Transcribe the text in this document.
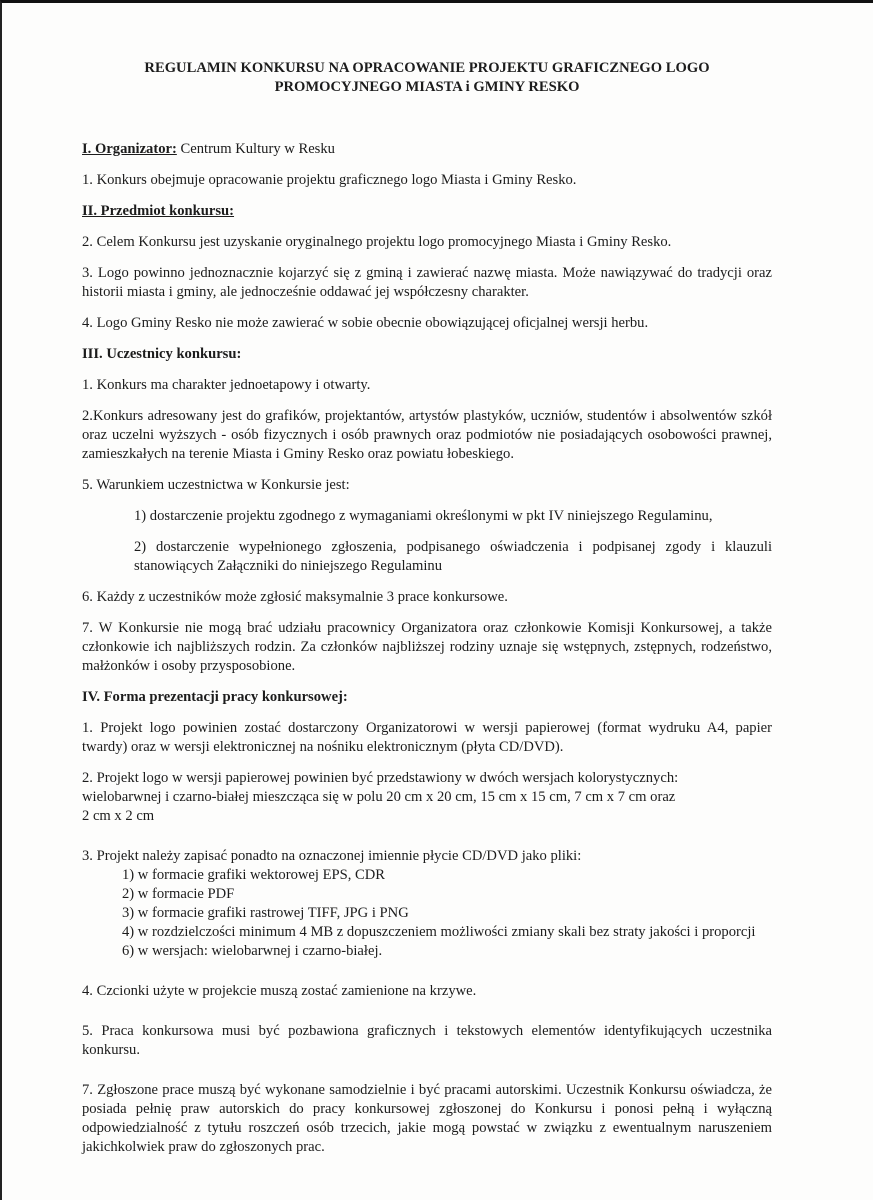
REGULAMIN KONKURSU NA OPRACOWANIE PROJEKTU GRAFICZNEGO LOGO
PROMOCYJNEGO MIASTA i GMINY RESKO
I. Organizator: Centrum Kultury w Resku

1. Konkurs obejmuje opracowanie projektu graficznego logo Miasta i Gminy Resko.

II. Przedmiot konkursu:

2. Celem Konkursu jest uzyskanie oryginalnego projektu logo promocyjnego Miasta i Gminy Resko.

3. Logo powinno jednoznacznie kojarzyć się z gminą i zawierać nazwę miasta. Może nawiązywać do tradycji oraz historii miasta i gminy, ale jednocześnie oddawać jej współczesny charakter.

4. Logo Gminy Resko nie może zawierać w sobie obecnie obowiązującej oficjalnej wersji herbu.

III. Uczestnicy konkursu:

1. Konkurs ma charakter jednoetapowy i otwarty.

2.Konkurs adresowany jest do grafików, projektantów, artystów plastyków, uczniów, studentów i absolwentów szkół oraz uczelni wyższych - osób fizycznych i osób prawnych oraz podmiotów nie posiadających osobowości prawnej, zamieszkałych na terenie Miasta i Gminy Resko oraz powiatu łobeskiego.

5. Warunkiem uczestnictwa w Konkursie jest:

1) dostarczenie projektu zgodnego z wymaganiami określonymi w pkt IV niniejszego Regulaminu,

2) dostarczenie wypełnionego zgłoszenia, podpisanego oświadczenia i podpisanej zgody i klauzuli stanowiących Załączniki do niniejszego Regulaminu

6. Każdy z uczestników może zgłosić maksymalnie 3 prace konkursowe.

7. W Konkursie nie mogą brać udziału pracownicy Organizatora oraz członkowie Komisji Konkursowej, a także członkowie ich najbliższych rodzin. Za członków najbliższej rodziny uznaje się wstępnych, zstępnych, rodzeństwo, małżonków i osoby przysposobione.

IV. Forma prezentacji pracy konkursowej:

1. Projekt logo powinien zostać dostarczony Organizatorowi w wersji papierowej (format wydruku A4, papier twardy) oraz w wersji elektronicznej na nośniku elektronicznym (płyta CD/DVD).

2. Projekt logo w wersji papierowej powinien być przedstawiony w dwóch wersjach kolorystycznych:
wielobarwnej i czarno-białej mieszcząca się w polu 20 cm x 20 cm, 15 cm x 15 cm, 7 cm x 7 cm oraz
2 cm x 2 cm

3. Projekt należy zapisać ponadto na oznaczonej imiennie płycie CD/DVD jako pliki:

1) w formacie grafiki wektorowej EPS, CDR
2) w formacie PDF
3) w formacie grafiki rastrowej TIFF, JPG i PNG
4) w rozdzielczości minimum 4 MB z dopuszczeniem możliwości zmiany skali bez straty jakości i proporcji
6) w wersjach: wielobarwnej i czarno-białej.

4. Czcionki użyte w projekcie muszą zostać zamienione na krzywe.

5. Praca konkursowa musi być pozbawiona graficznych i tekstowych elementów identyfikujących uczestnika konkursu.

7. Zgłoszone prace muszą być wykonane samodzielnie i być pracami autorskimi. Uczestnik Konkursu oświadcza, że posiada pełnię praw autorskich do pracy konkursowej zgłoszonej do Konkursu i ponosi pełną i wyłączną odpowiedzialność z tytułu roszczeń osób trzecich, jakie mogą powstać w związku z ewentualnym naruszeniem jakichkolwiek praw do zgłoszonych prac.
